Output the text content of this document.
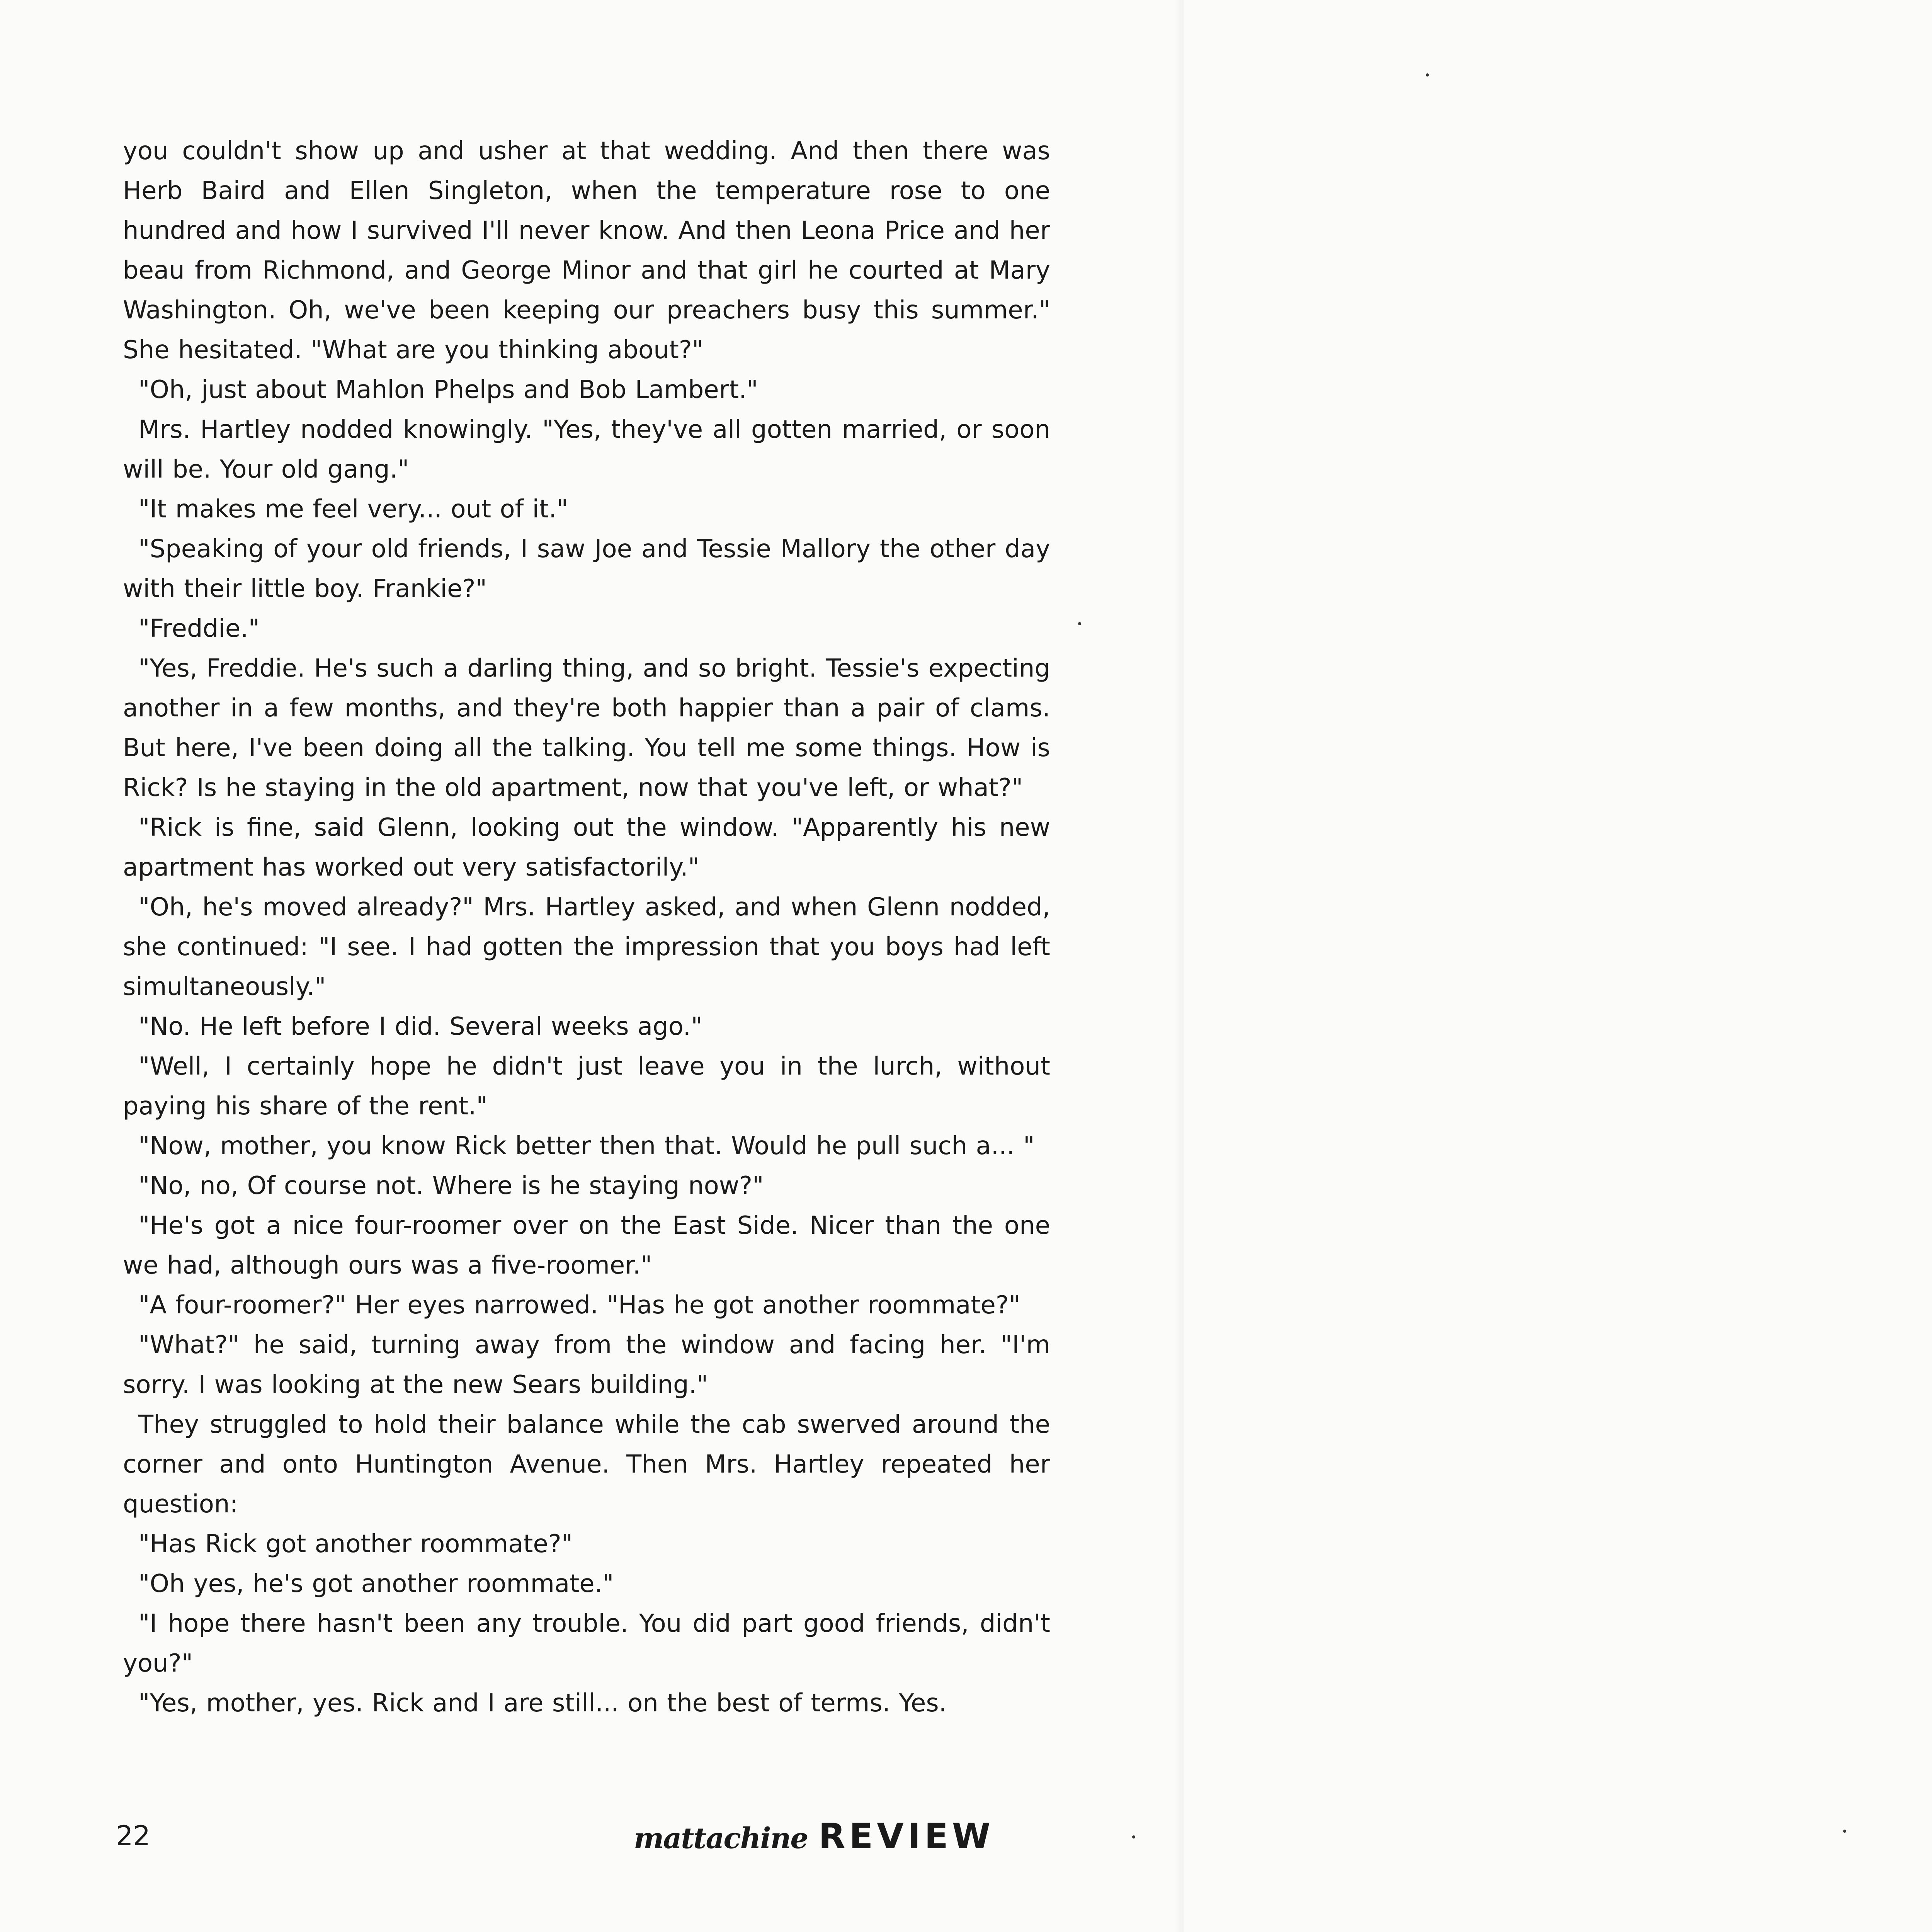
you couldn't show up and usher at that wedding. And then there was Herb Baird and Ellen Singleton, when the temperature rose to one hundred and how I survived I'll never know. And then Leona Price and her beau from Richmond, and George Minor and that girl he courted at Mary Washington. Oh, we've been keeping our preachers busy this summer." She hesitated. "What are you thinking about?"

"Oh, just about Mahlon Phelps and Bob Lambert."

Mrs. Hartley nodded knowingly. "Yes, they've all gotten married, or soon will be. Your old gang."

"It makes me feel very... out of it."

"Speaking of your old friends, I saw Joe and Tessie Mallory the other day with their little boy. Frankie?"

"Freddie."

"Yes, Freddie. He's such a darling thing, and so bright. Tessie's expecting another in a few months, and they're both happier than a pair of clams. But here, I've been doing all the talking. You tell me some things. How is Rick? Is he staying in the old apartment, now that you've left, or what?"

"Rick is fine, said Glenn, looking out the window. "Apparently his new apartment has worked out very satisfactorily."

"Oh, he's moved already?" Mrs. Hartley asked, and when Glenn nodded, she continued: "I see. I had gotten the impression that you boys had left simultaneously."

"No. He left before I did. Several weeks ago."

"Well, I certainly hope he didn't just leave you in the lurch, without paying his share of the rent."

"Now, mother, you know Rick better then that. Would he pull such a... "

"No, no, Of course not. Where is he staying now?"

"He's got a nice four-roomer over on the East Side. Nicer than the one we had, although ours was a five-roomer."

"A four-roomer?" Her eyes narrowed. "Has he got another roommate?"

"What?" he said, turning away from the window and facing her. "I'm sorry. I was looking at the new Sears building."

They struggled to hold their balance while the cab swerved around the corner and onto Huntington Avenue. Then Mrs. Hartley repeated her question:

"Has Rick got another roommate?"

"Oh yes, he's got another roommate."

"I hope there hasn't been any trouble. You did part good friends, didn't you?"

"Yes, mother, yes. Rick and I are still... on the best of terms. Yes.

22	mattachine REVIEW
